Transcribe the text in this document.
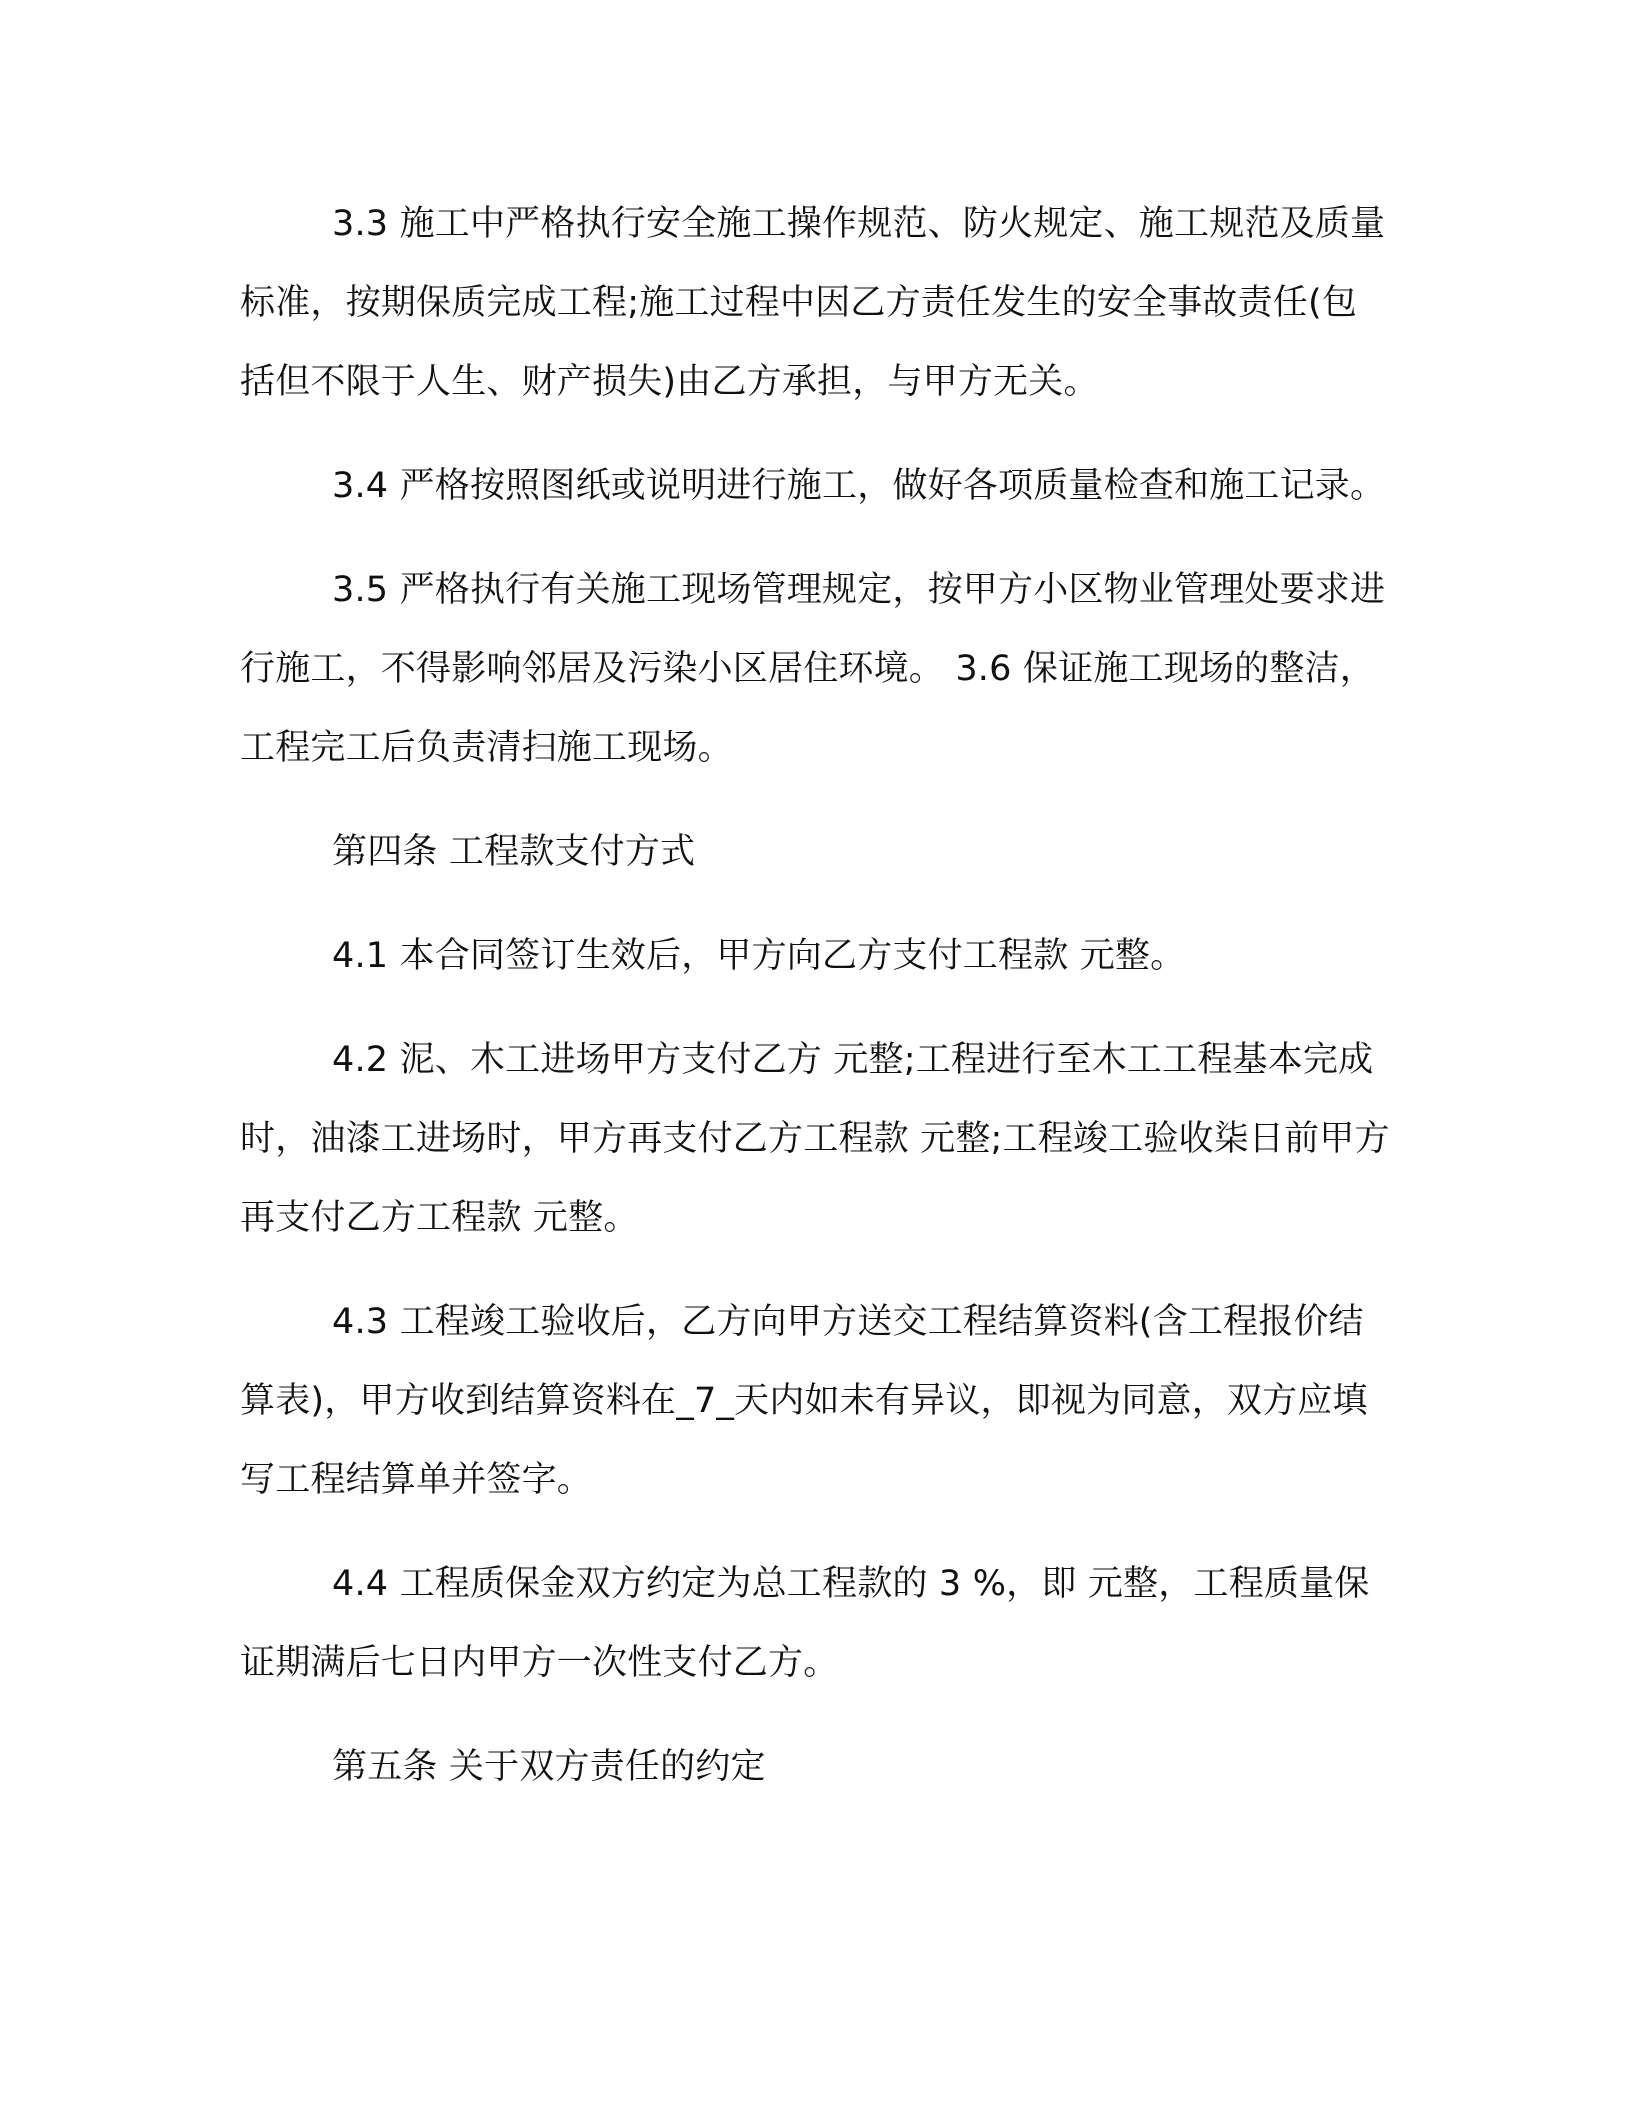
3.3 施工中严格执行安全施工操作规范、防火规定、施工规范及质量标准，按期保质完成工程;施工过程中因乙方责任发生的安全事故责任(包括但不限于人生、财产损失)由乙方承担，与甲方无关。

3.4 严格按照图纸或说明进行施工，做好各项质量检查和施工记录。

3.5 严格执行有关施工现场管理规定，按甲方小区物业管理处要求进行施工，不得影响邻居及污染小区居住环境。 3.6 保证施工现场的整洁，工程完工后负责清扫施工现场。

第四条 工程款支付方式

4.1 本合同签订生效后，甲方向乙方支付工程款 元整。

4.2 泥、木工进场甲方支付乙方 元整;工程进行至木工工程基本完成时，油漆工进场时，甲方再支付乙方工程款 元整;工程竣工验收柒日前甲方再支付乙方工程款 元整。

4.3 工程竣工验收后，乙方向甲方送交工程结算资料(含工程报价结算表)，甲方收到结算资料在_7_天内如未有异议，即视为同意，双方应填写工程结算单并签字。

4.4 工程质保金双方约定为总工程款的 3 %，即 元整，工程质量保证期满后七日内甲方一次性支付乙方。

第五条 关于双方责任的约定
